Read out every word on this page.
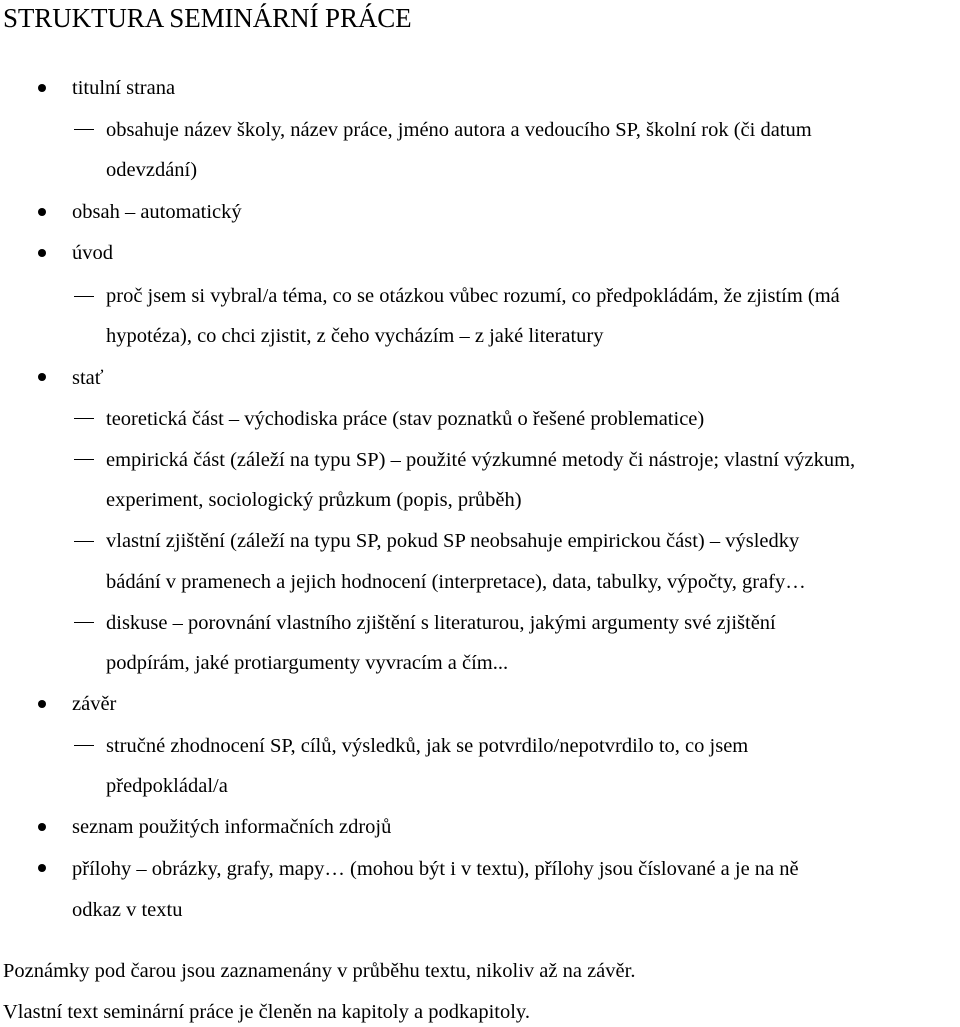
STRUKTURA SEMINÁRNÍ PRÁCE
titulní strana
obsahuje název školy, název práce, jméno autora a vedoucího SP, školní rok (či datum
odevzdání)
obsah – automatický
úvod
proč jsem si vybral/a téma, co se otázkou vůbec rozumí, co předpokládám, že zjistím (má
hypotéza), co chci zjistit, z čeho vycházím – z jaké literatury
stať
teoretická část – východiska práce (stav poznatků o řešené problematice)
empirická část (záleží na typu SP) – použité výzkumné metody či nástroje; vlastní výzkum,
experiment, sociologický průzkum (popis, průběh)
vlastní zjištění (záleží na typu SP, pokud SP neobsahuje empirickou část) – výsledky
bádání v pramenech a jejich hodnocení (interpretace), data, tabulky, výpočty, grafy…
diskuse – porovnání vlastního zjištění s literaturou, jakými argumenty své zjištění
podpírám, jaké protiargumenty vyvracím a čím...
závěr
stručné zhodnocení SP, cílů, výsledků, jak se potvrdilo/nepotvrdilo to, co jsem
předpokládal/a
seznam použitých informačních zdrojů
přílohy – obrázky, grafy, mapy… (mohou být i v textu), přílohy jsou číslované a je na ně
odkaz v textu
Poznámky pod čarou jsou zaznamenány v průběhu textu, nikoliv až na závěr.
Vlastní text seminární práce je členěn na kapitoly a podkapitoly.
